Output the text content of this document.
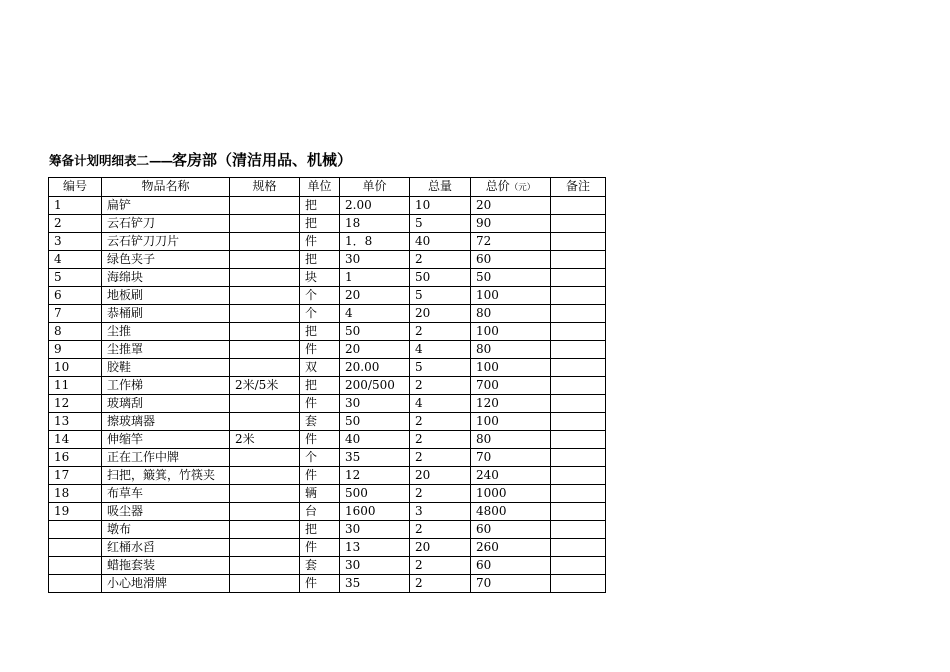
筹备计划明细表二——客房部（清洁用品、机械）
编号	物品名称	规格	单位	单价	总量	总价（元）	备注
1	扁铲		把	2.00	10	20	
2	云石铲刀		把	18	5	90	
3	云石铲刀刀片		件	1．8	40	72	
4	绿色夹子		把	30	2	60	
5	海绵块		块	1	50	50	
6	地板刷		个	20	5	100	
7	恭桶刷		个	4	20	80	
8	尘推		把	50	2	100	
9	尘推罩		件	20	4	80	
10	胶鞋		双	20.00	5	100	
11	工作梯	2米/5米	把	200/500	2	700	
12	玻璃刮		件	30	4	120	
13	擦玻璃器		套	50	2	100	
14	伸缩竿	2米	件	40	2	80	
16	正在工作中牌		个	35	2	70	
17	扫把，簸箕，竹筷夹		件	12	20	240	
18	布草车		辆	500	2	1000	
19	吸尘器		台	1600	3	4800	
	墩布		把	30	2	60	
	红桶水舀		件	13	20	260	
	蜡拖套装		套	30	2	60	
	小心地滑牌		件	35	2	70	
